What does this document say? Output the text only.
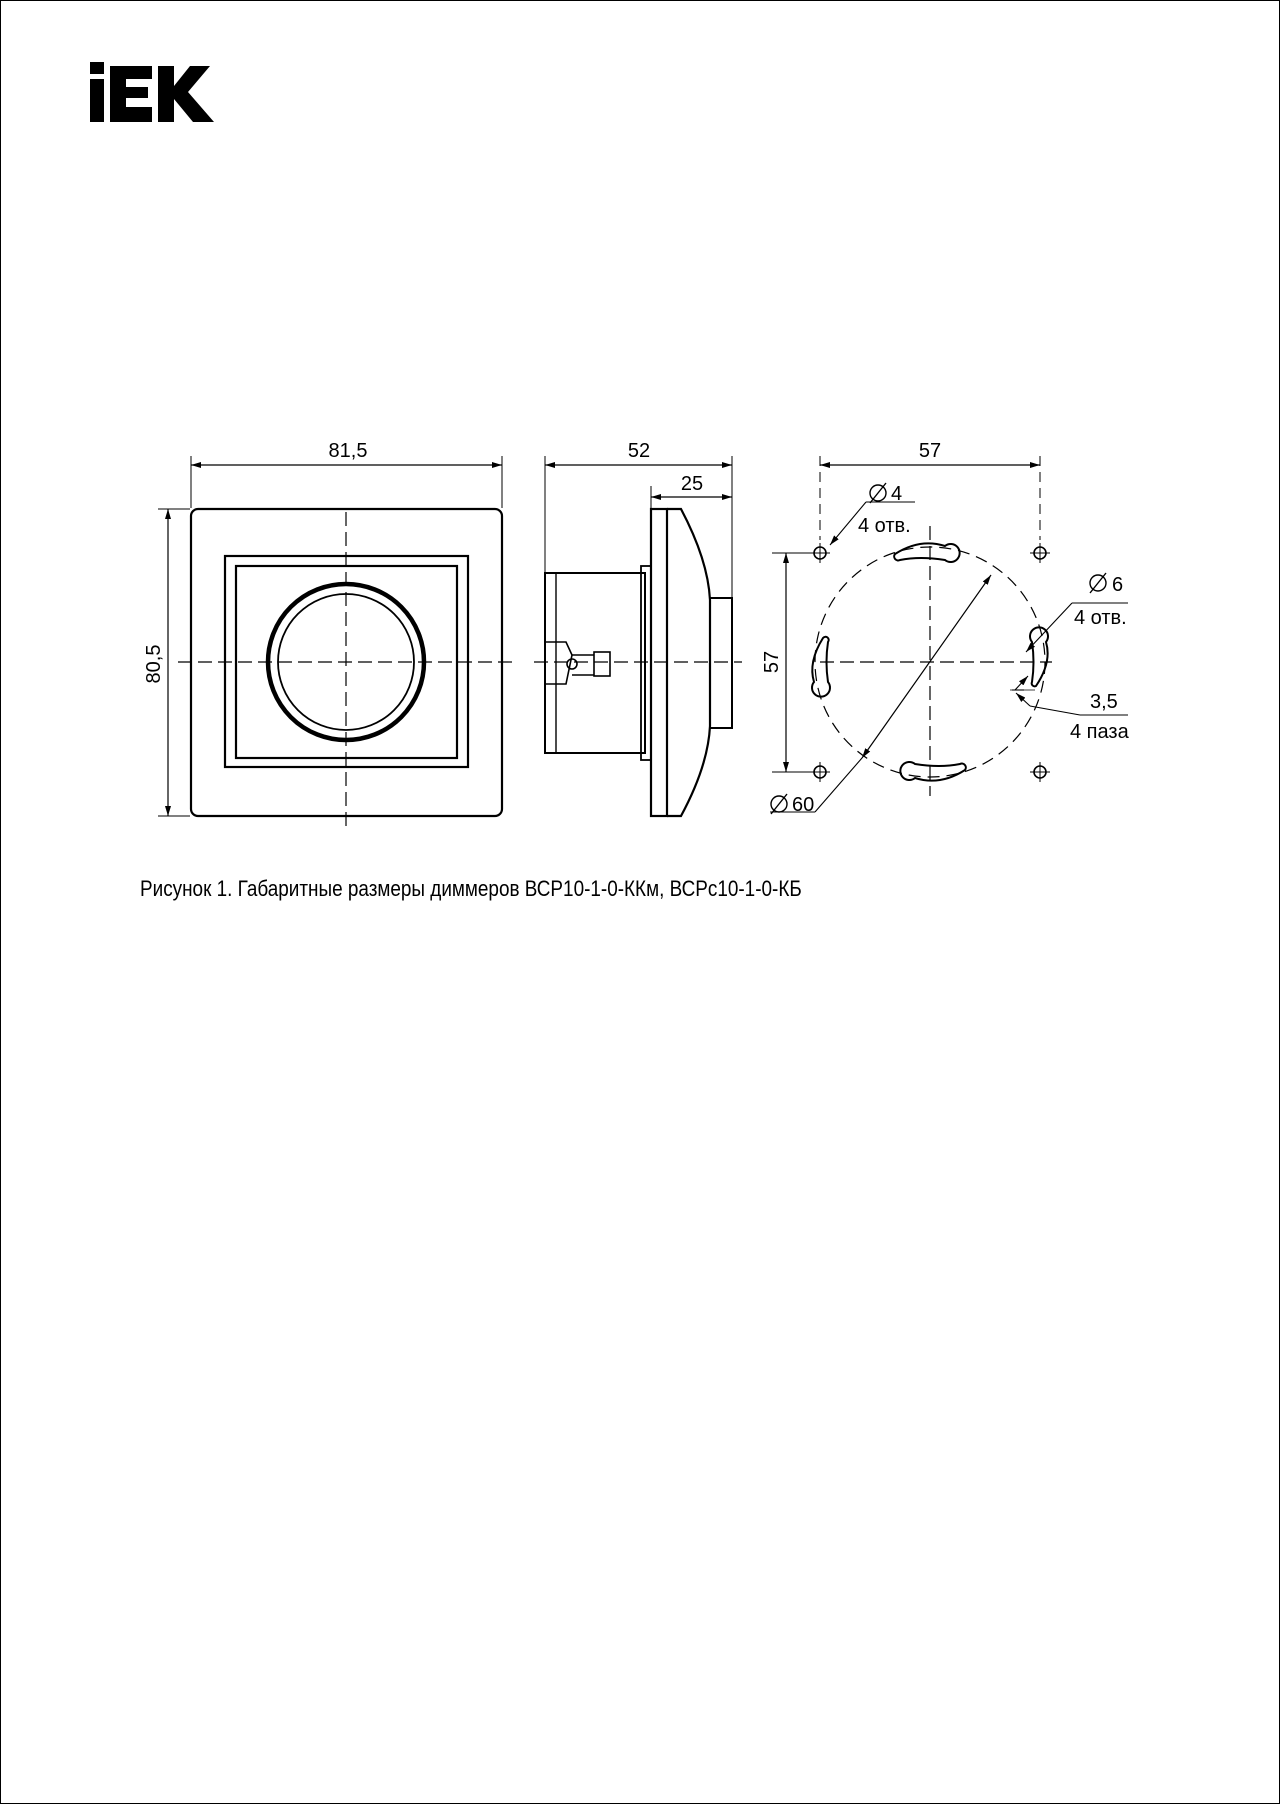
81,5
80,5
52
25
57
57
4
4 отв.
6
4 отв.
3,5
4 паза
60
Рисунок 1. Габаритные размеры диммеров ВСР10-1-0-ККм, ВСРс10-1-0-КБ
